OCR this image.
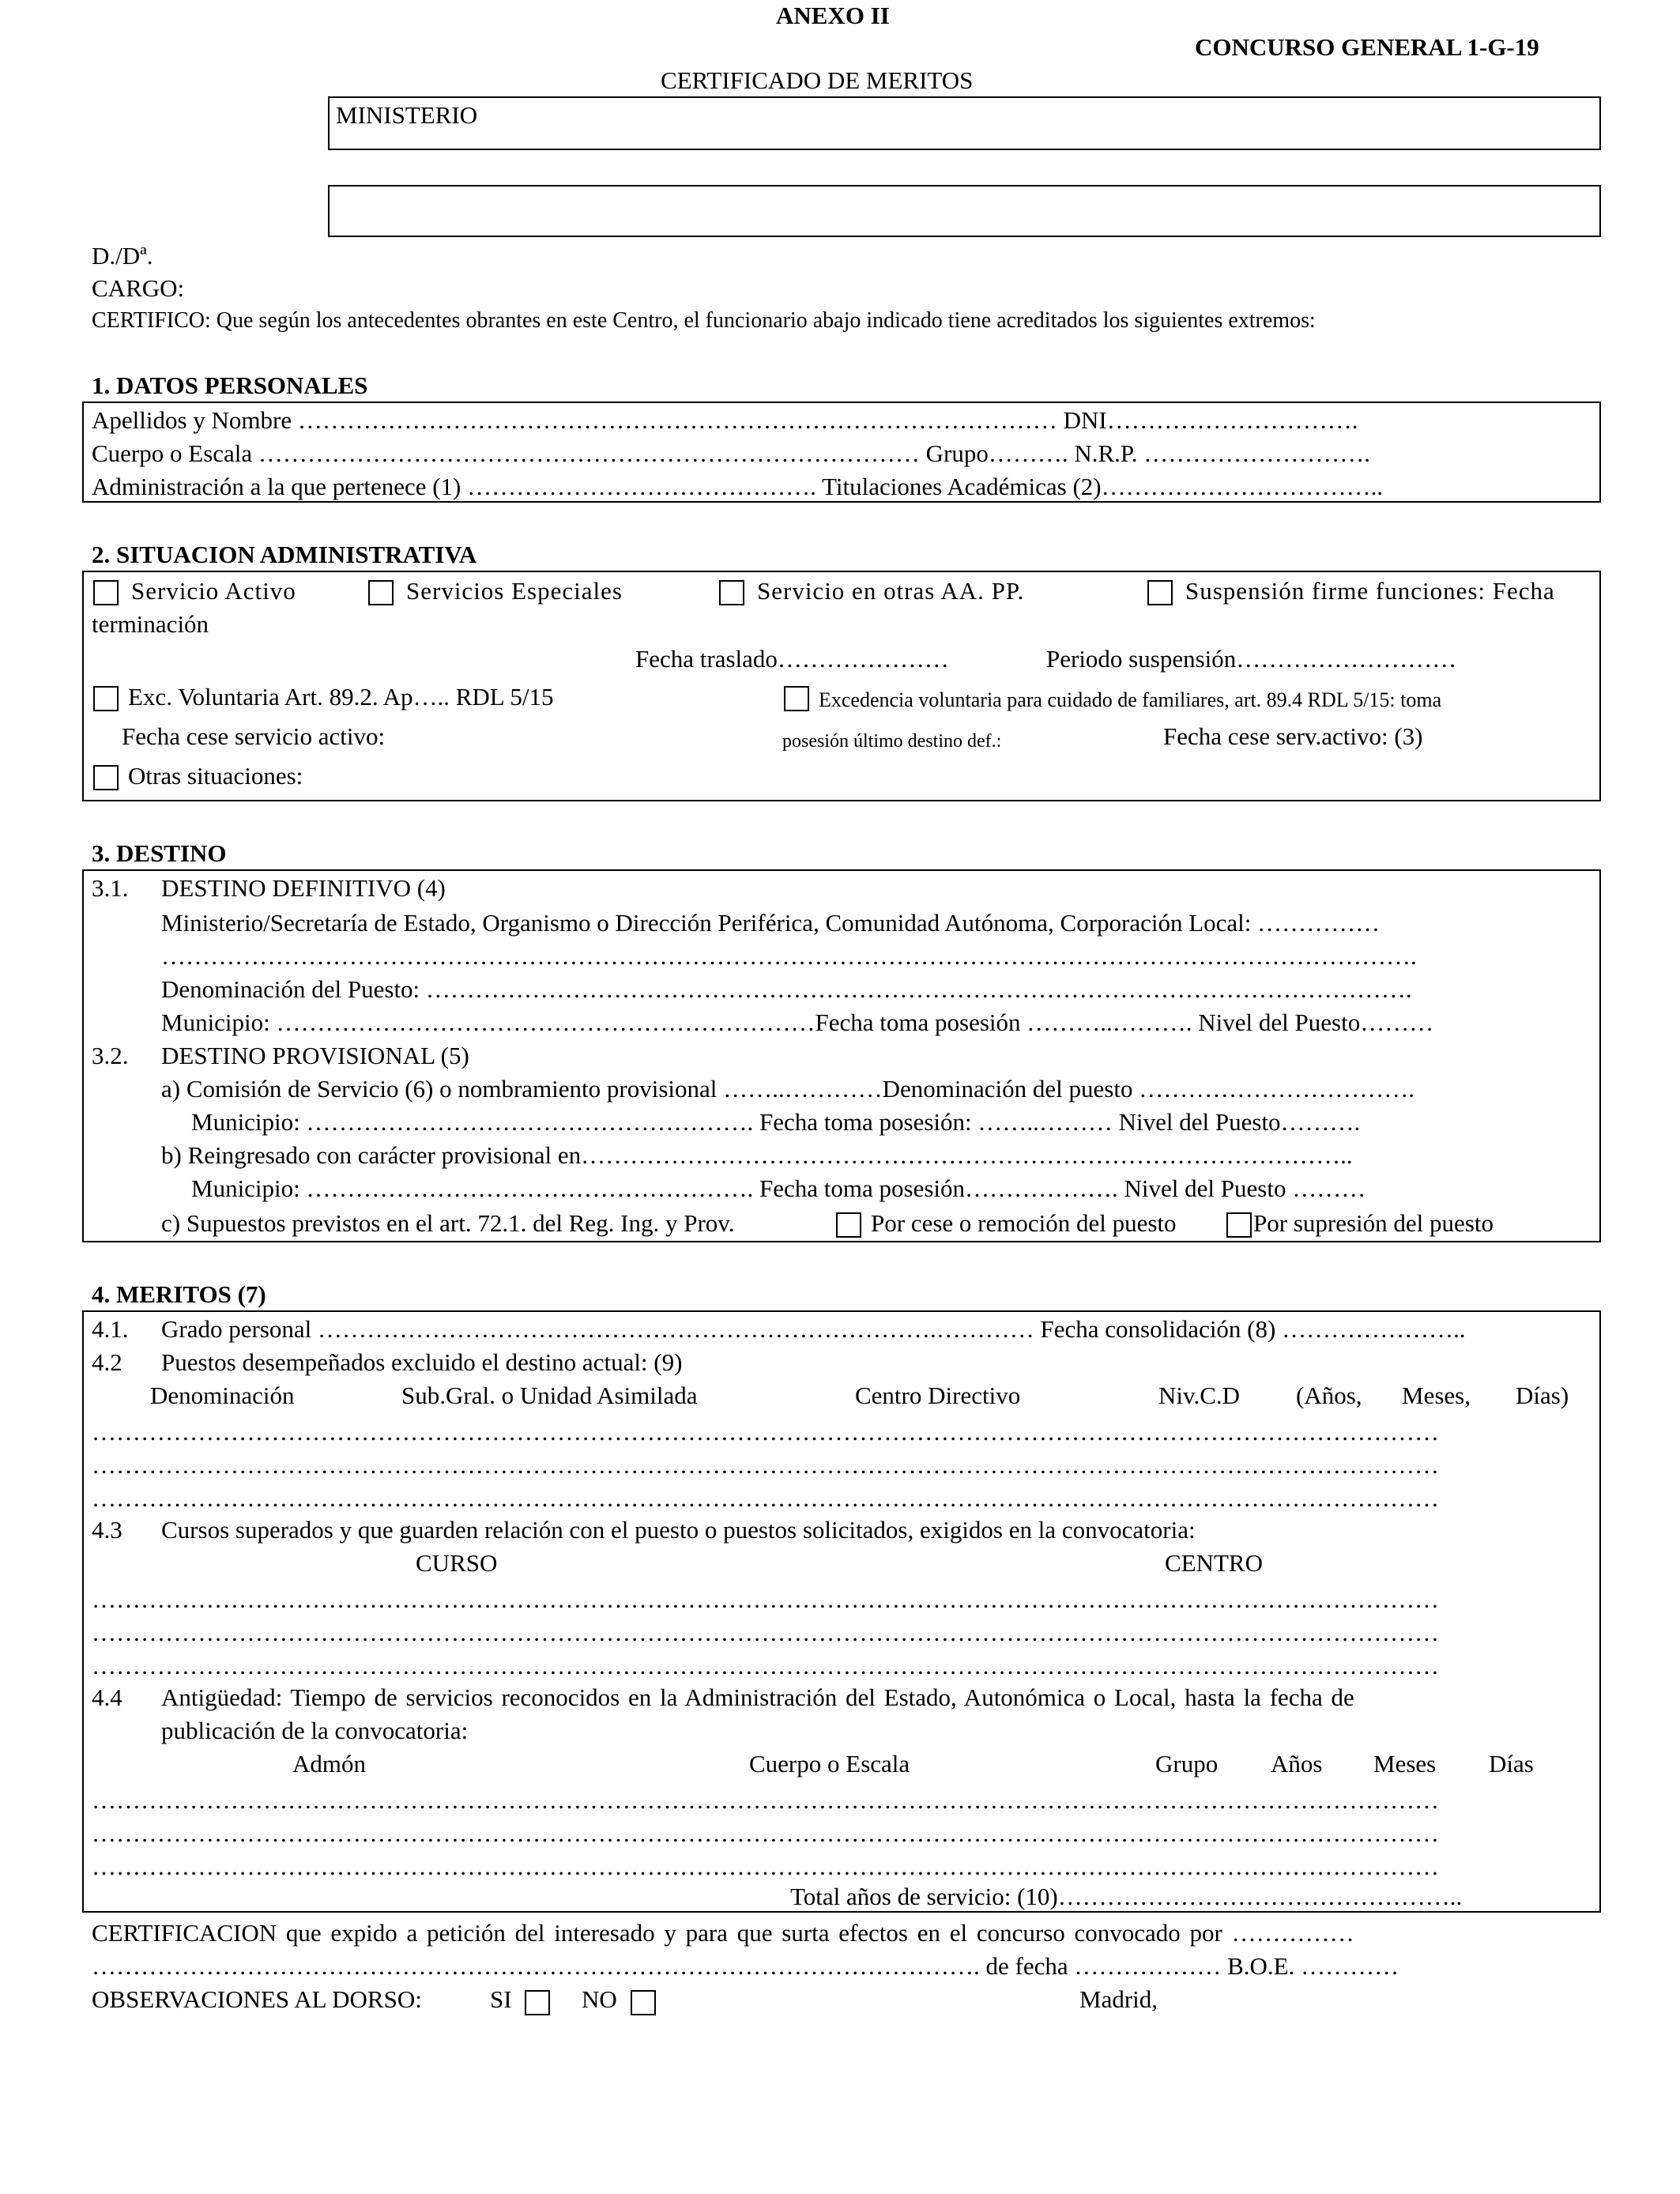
ANEXO II
CONCURSO GENERAL 1-G-19
CERTIFICADO DE MERITOS
MINISTERIO
D./Dª.
CARGO:
CERTIFICO: Que según los antecedentes obrantes en este Centro, el funcionario abajo indicado tiene acreditados los siguientes extremos:
1. DATOS PERSONALES
Apellidos y Nombre ………………………………………………………………………………… DNI………………………….
Cuerpo o Escala ……………………………………………………………………… Grupo………. N.R.P. ……………………….
Administración a la que pertenece (1) ……………………………………. Titulaciones Académicas (2)……………………………..
2. SITUACION ADMINISTRATIVA
Servicio Activo	Servicios Especiales	Servicio en otras AA. PP.	Suspensión firme funciones: Fecha
terminación
Fecha traslado…………………	Periodo suspensión………………………
Exc. Voluntaria Art. 89.2. Ap….. RDL 5/15	Excedencia voluntaria para cuidado de familiares, art. 89.4 RDL 5/15: toma
Fecha cese servicio activo:	posesión último destino def.:	Fecha cese serv.activo: (3)
Otras situaciones:
3. DESTINO
3.1. DESTINO DEFINITIVO (4)
Ministerio/Secretaría de Estado, Organismo o Dirección Periférica, Comunidad Autónoma, Corporación Local: ……………
……………………………………………………………………………………………………………………………………….
Denominación del Puesto: ………………………………………………………………………………………………………….
Municipio: …………………………………………………………Fecha toma posesión ………..………. Nivel del Puesto………
3.2. DESTINO PROVISIONAL (5)
a) Comisión de Servicio (6) o nombramiento provisional ……..…………Denominación del puesto …………………………….
Municipio: ………………………………………………. Fecha toma posesión: ……..……… Nivel del Puesto……….
b) Reingresado con carácter provisional en…………………………………………………………………………………..
Municipio: ………………………………………………. Fecha toma posesión………………. Nivel del Puesto ………
c) Supuestos previstos en el art. 72.1. del Reg. Ing. y Prov.	Por cese o remoción del puesto	Por supresión del puesto
4. MERITOS (7)
4.1. Grado personal ………………………………………………………………….………… Fecha consolidación (8) …………………..
4.2 Puestos desempeñados excluido el destino actual: (9)
Denominación	Sub.Gral. o Unidad Asimilada	Centro Directivo	Niv.C.D (Años, Meses, Días)
…………………………………………………………………………………………………………………………………………………
…………………………………………………………………………………………………………………………………………………
…………………………………………………………………………………………………………………………………………………
4.3 Cursos superados y que guarden relación con el puesto o puestos solicitados, exigidos en la convocatoria:
CURSO	CENTRO
…………………………………………………………………………………………………………………………………………………
…………………………………………………………………………………………………………………………………………………
…………………………………………………………………………………………………………………………………………………
4.4 Antigüedad: Tiempo de servicios reconocidos en la Administración del Estado, Autonómica o Local, hasta la fecha de
publicación de la convocatoria:
Admón	Cuerpo o Escala	Grupo Años Meses Días
…………………………………………………………………………………………………………………………………………………
…………………………………………………………………………………………………………………………………………………
…………………………………………………………………………………………………………………………………………………
Total años de servicio: (10)…………………………………………..
CERTIFICACION que expido a petición del interesado y para que surta efectos en el concurso convocado por ……………
………………………………………………………………………………………………. de fecha ……………… B.O.E. …………
OBSERVACIONES AL DORSO:	SI	NO	Madrid,
